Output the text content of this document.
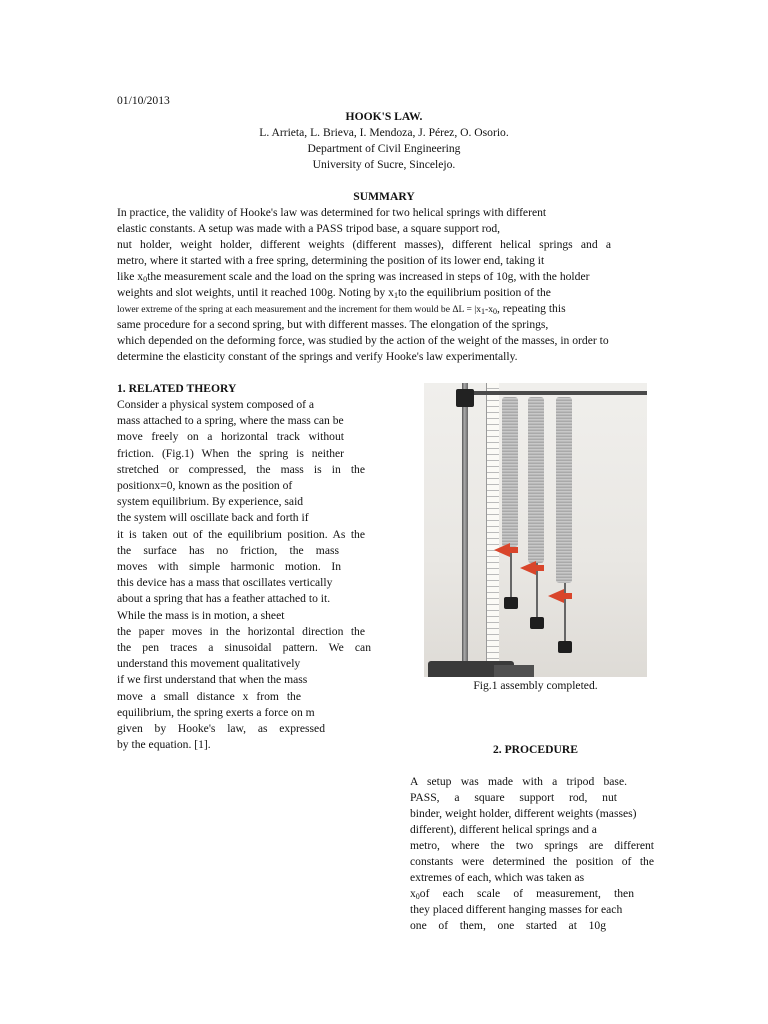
01/10/2013
HOOK'S LAW.
L. Arrieta, L. Brieva, I. Mendoza, J. Pérez, O. Osorio.
Department of Civil Engineering
University of Sucre, Sincelejo.
SUMMARY
In practice, the validity of Hooke's law was determined for two helical springs with different
elastic constants. A setup was made with a PASS tripod base, a square support rod,
nut holder, weight holder, different weights (different masses), different helical springs and a
metro, where it started with a free spring, determining the position of its lower end, taking it
like $x_0the$ measurement scale and the load on the spring was increased in steps of 10g, with the holder
weights and slot weights, until it reached 100g. Noting by $x_1to$ the equilibrium position of the
lower extreme of the spring at each measurement and the increment for them would be $\Delta L = |x_1-x_0$, repeating this
same procedure for a second spring, but with different masses. The elongation of the springs,
which depended on the deforming force, was studied by the action of the weight of the masses, in order to
determine the elasticity constant of the springs and verify Hooke's law experimentally.
1. RELATED THEORY
Consider a physical system composed of a
mass attached to a spring, where the mass can be
move freely on a horizontal track without
friction. (Fig.1) When the spring is neither
stretched or compressed, the mass is in the
positionx=0, known as the position of
system equilibrium. By experience, said
the system will oscillate back and forth if
it is taken out of the equilibrium position. As the
the surface has no friction, the mass
moves with simple harmonic motion. In
this device has a mass that oscillates vertically
about a spring that has a feather attached to it.
While the mass is in motion, a sheet
the paper moves in the horizontal direction the
the pen traces a sinusoidal pattern. We can
understand this movement qualitatively
if we first understand that when the mass
move a small distance x from the
equilibrium, the spring exerts a force on m
given by Hooke's law, as expressed
by the equation. [1].
Fig.1 assembly completed.
2. PROCEDURE
A setup was made with a tripod base.
PASS, a square support rod, nut
binder, weight holder, different weights (masses)
different), different helical springs and a
metro, where the two springs are different
constants were determined the position of the
extremes of each, which was taken as
$x_0$ of each scale of measurement, then
they placed different hanging masses for each
one of them, one started at 10g
